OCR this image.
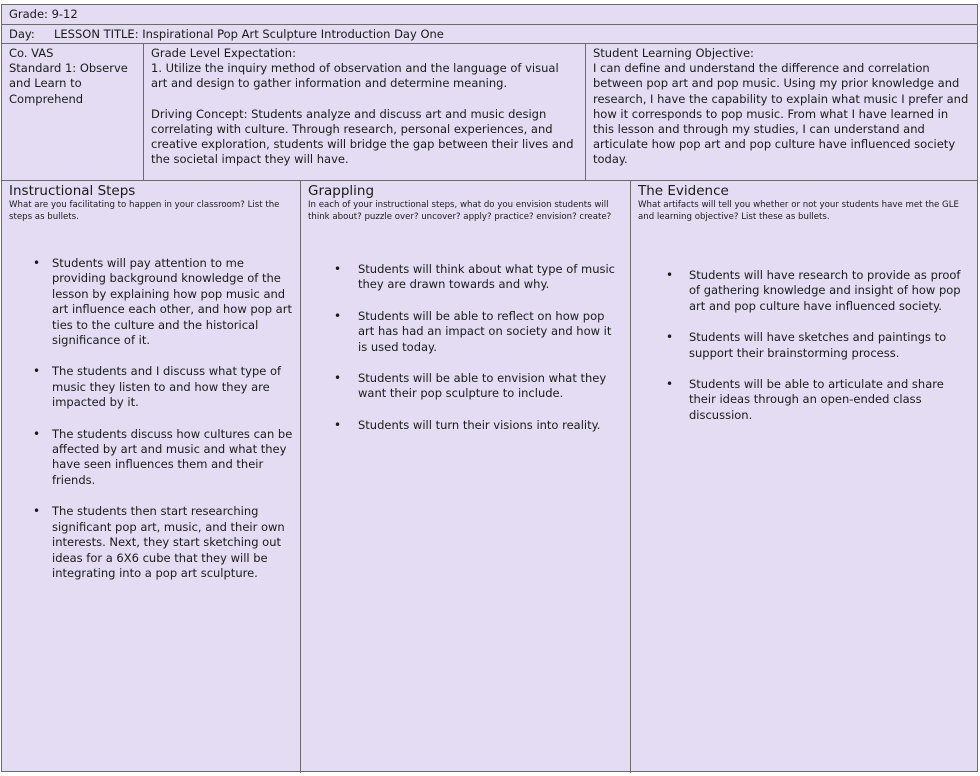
Grade: 9-12
Day: LESSON TITLE: Inspirational Pop Art Sculpture Introduction Day One

Co. VAS

Standard 1: Observe and Learn to Comprehend

Grade Level Expectation:

1. Utilize the inquiry method of observation and the language of visual art and design to gather information and determine meaning.

Driving Concept: Students analyze and discuss art and music design correlating with culture. Through research, personal experiences, and creative exploration, students will bridge the gap between their lives and the societal impact they will have.

Student Learning Objective:

I can define and understand the difference and correlation between pop art and pop music. Using my prior knowledge and research, I have the capability to explain what music I prefer and how it corresponds to pop music. From what I have learned in this lesson and through my studies, I can understand and articulate how pop art and pop culture have influenced society today.

Instructional Steps

What are you facilitating to happen in your classroom? List the steps as bullets.

• Students will pay attention to me providing background knowledge of the lesson by explaining how pop music and art influence each other, and how pop art ties to the culture and the historical significance of it.
• The students and I discuss what type of music they listen to and how they are impacted by it.
• The students discuss how cultures can be affected by art and music and what they have seen influences them and their friends.
• The students then start researching significant pop art, music, and their own interests. Next, they start sketching out ideas for a 6X6 cube that they will be integrating into a pop art sculpture.
Grappling

In each of your instructional steps, what do you envision students will think about? puzzle over? uncover? apply? practice? envision? create?

• Students will think about what type of music they are drawn towards and why.
• Students will be able to reflect on how pop art has had an impact on society and how it is used today.
• Students will be able to envision what they want their pop sculpture to include.
• Students will turn their visions into reality.
The Evidence

What artifacts will tell you whether or not your students have met the GLE and learning objective? List these as bullets.

• Students will have research to provide as proof of gathering knowledge and insight of how pop art and pop culture have influenced society.
• Students will have sketches and paintings to support their brainstorming process.
• Students will be able to articulate and share their ideas through an open-ended class discussion.
